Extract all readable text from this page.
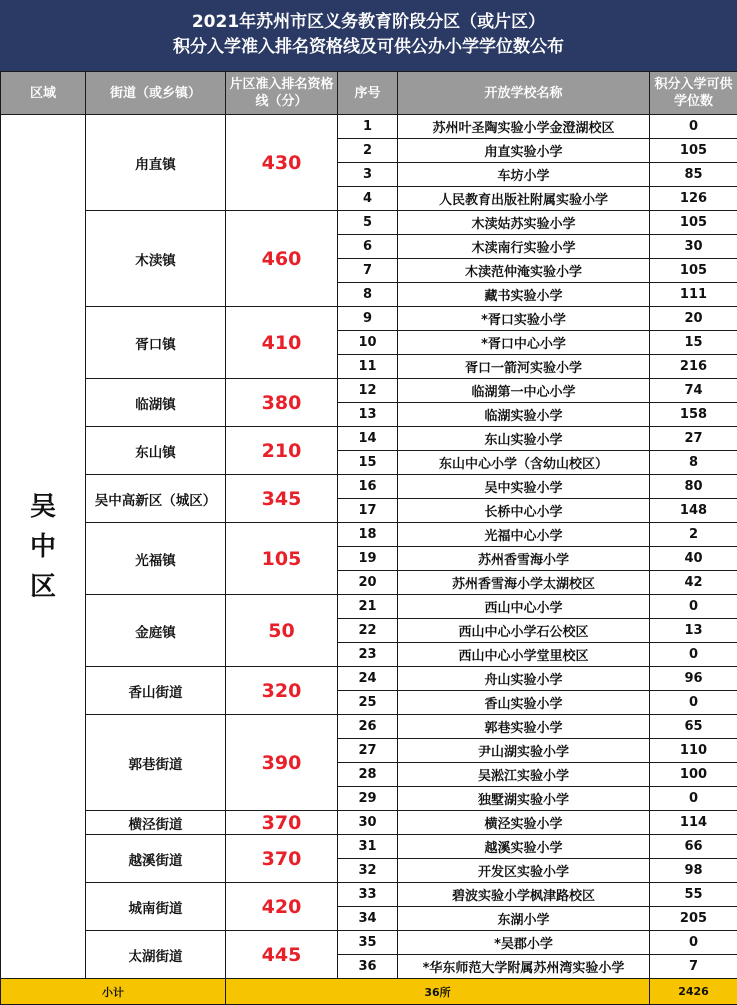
2021年苏州市区义务教育阶段分区（或片区）
积分入学准入排名资格线及可供公办小学学位数公布
区域	街道（或乡镇）	片区准入排名资格线（分）	序号	开放学校名称	积分入学可供学位数

吴
中
区	甪直镇	430	1	苏州叶圣陶实验小学金澄湖校区	0
			2	甪直实验小学	105
			3	车坊小学	85
			4	人民教育出版社附属实验小学	126
	木渎镇	460	5	木渎姑苏实验小学	105
			6	木渎南行实验小学	30
			7	木渎范仲淹实验小学	105
			8	藏书实验小学	111
	胥口镇	410	9	*胥口实验小学	20
			10	*胥口中心小学	15
			11	胥口一箭河实验小学	216
	临湖镇	380	12	临湖第一中心小学	74
			13	临湖实验小学	158
	东山镇	210	14	东山实验小学	27
			15	东山中心小学（含幼山校区）	8
	吴中高新区（城区）	345	16	吴中实验小学	80
			17	长桥中心小学	148
	光福镇	105	18	光福中心小学	2
			19	苏州香雪海小学	40
			20	苏州香雪海小学太湖校区	42
	金庭镇	50	21	西山中心小学	0
			22	西山中心小学石公校区	13
			23	西山中心小学堂里校区	0
	香山街道	320	24	舟山实验小学	96
			25	香山实验小学	0
	郭巷街道	390	26	郭巷实验小学	65
			27	尹山湖实验小学	110
			28	吴淞江实验小学	100
			29	独墅湖实验小学	0
	横泾街道	370	30	横泾实验小学	114
	越溪街道	370	31	越溪实验小学	66
			32	开发区实验小学	98
	城南街道	420	33	碧波实验小学枫津路校区	55
			34	东湖小学	205
	太湖街道	445	35	*吴郡小学	0
			36	*华东师范大学附属苏州湾实验小学	7
小计		36所			2426
